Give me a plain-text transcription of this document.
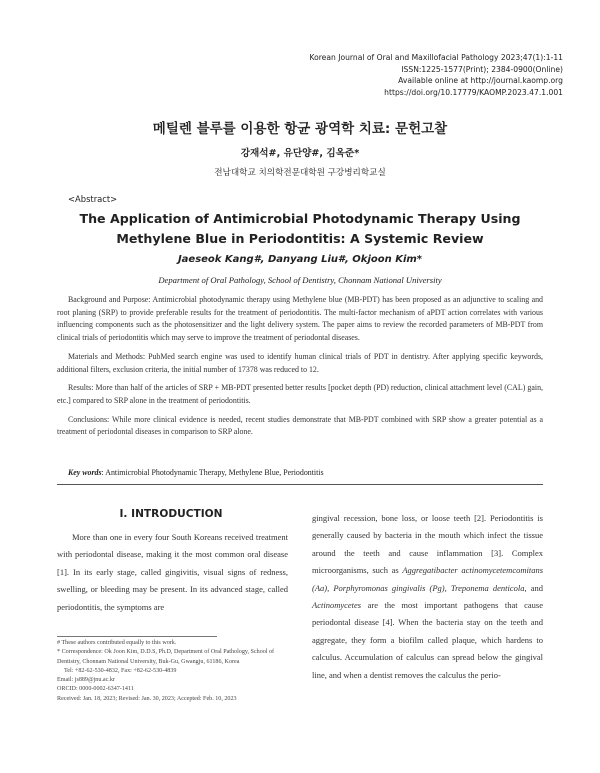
Korean Journal of Oral and Maxillofacial Pathology 2023;47(1):1-11
ISSN:1225-1577(Print); 2384-0900(Online)
Available online at http://journal.kaomp.org
https://doi.org/10.17779/KAOMP.2023.47.1.001
메틸렌 블루를 이용한 항균 광역학 치료: 문헌고찰
강재석#, 유단양#, 김옥준*
전남대학교 치의학전문대학원 구강병리학교실
<Abstract>
The Application of Antimicrobial Photodynamic Therapy Using Methylene Blue in Periodontitis: A Systemic Review
Jaeseok Kang#, Danyang Liu#, Okjoon Kim*
Department of Oral Pathology, School of Dentistry, Chonnam National University

Background and Purpose: Antimicrobial photodynamic therapy using Methylene blue (MB-PDT) has been proposed as an adjunctive to scaling and root planing (SRP) to provide preferable results for the treatment of periodontitis. The multi-factor mechanism of aPDT action correlates with various influencing components such as the photosensitizer and the light delivery system. The paper aims to review the recorded parameters of MB-PDT from clinical trials of periodontitis which may serve to improve the treatment of periodontal diseases.

Materials and Methods: PubMed search engine was used to identify human clinical trials of PDT in dentistry. After applying specific keywords, additional filters, exclusion criteria, the initial number of 17378 was reduced to 12.

Results: More than half of the articles of SRP + MB-PDT presented better results [pocket depth (PD) reduction, clinical attachment level (CAL) gain, etc.] compared to SRP alone in the treatment of periodontitis.

Conclusions: While more clinical evidence is needed, recent studies demonstrate that MB-PDT combined with SRP show a greater potential as a treatment of periodontal diseases in comparison to SRP alone.

Key words: Antimicrobial Photodynamic Therapy, Methylene Blue, Periodontitis
Ⅰ. INTRODUCTION
More than one in every four South Koreans received treatment with periodontal disease, making it the most common oral disease [1]. In its early stage, called gingivitis, visual signs of redness, swelling, or bleeding may be present. In its advanced stage, called periodontitis, the symptoms are
gingival recession, bone loss, or loose teeth [2]. Periodontitis is generally caused by bacteria in the mouth which infect the tissue around the teeth and cause inflammation [3]. Complex microorganisms, such as Aggregatibacter actinomycetemcomitans (Aa), Porphyromonas gingivalis (Pg), Treponema denticola, and Actinomycetes are the most important pathogens that cause periodontal disease [4]. When the bacteria stay on the teeth and aggregate, they form a biofilm called plaque, which hardens to calculus. Accumulation of calculus can spread below the gingival line, and when a dentist removes the calculus the perio-
# These authors contributed equally to this work.
* Correspondence: Ok Joon Kim, D.D.S, Ph.D, Department of Oral Pathology, School of Dentistry, Chonnam National University, Buk-Gu, Gwangju, 61186, Korea
Tel: +82-62-530-4832, Fax: +82-62-530-4839
Email: js889@jnu.ac.kr
ORCID: 0000-0002-6347-1411
Received: Jan. 18, 2023; Revised: Jan. 30, 2023; Accepted: Feb. 10, 2023
